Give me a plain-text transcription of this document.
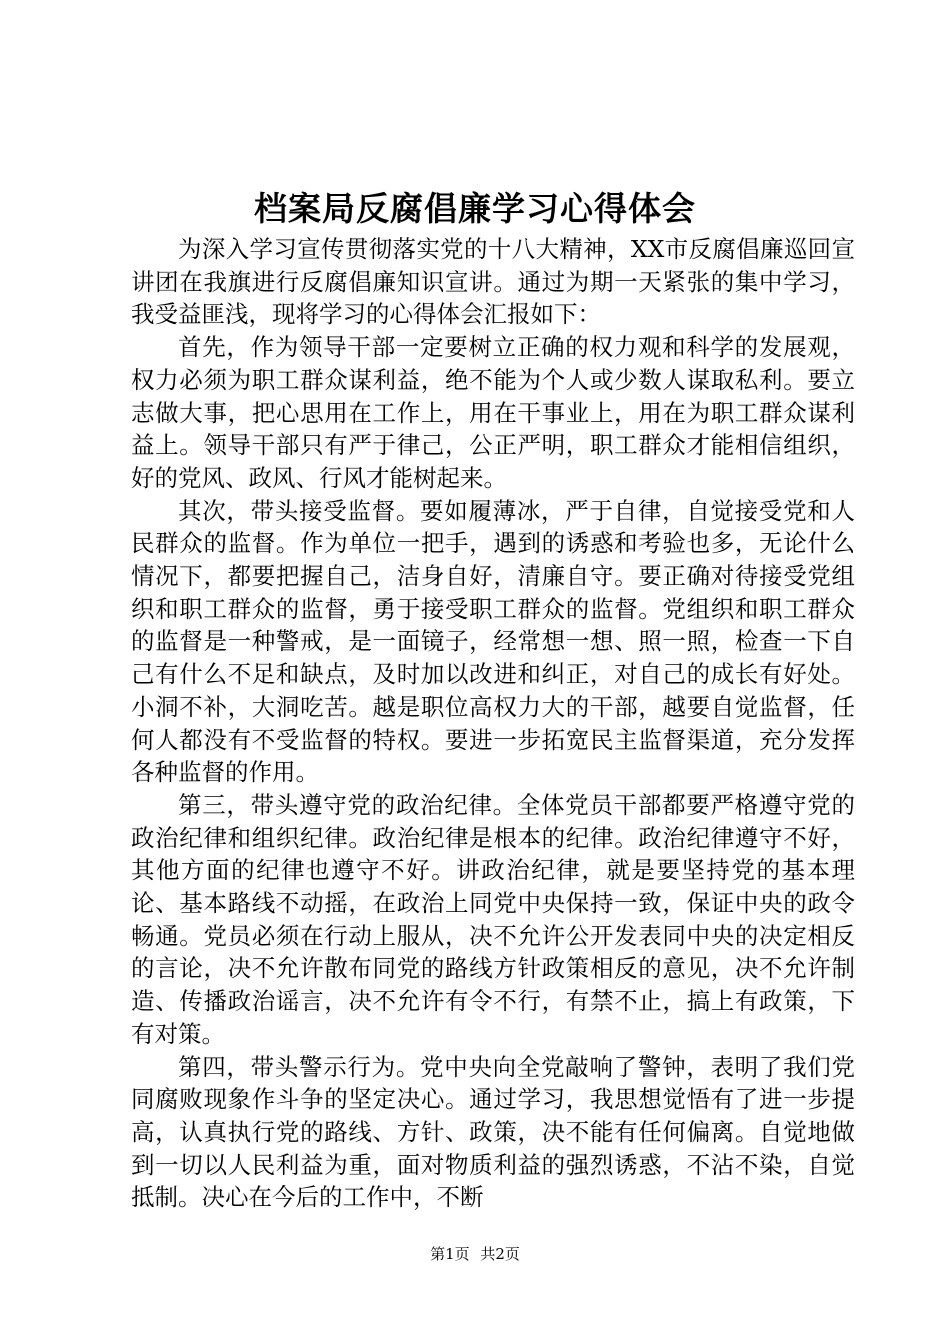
档案局反腐倡廉学习心得体会

为深入学习宣传贯彻落实党的十八大精神，XX市反腐倡廉巡回宣讲团在我旗进行反腐倡廉知识宣讲。通过为期一天紧张的集中学习，我受益匪浅，现将学习的心得体会汇报如下：

首先，作为领导干部一定要树立正确的权力观和科学的发展观，权力必须为职工群众谋利益，绝不能为个人或少数人谋取私利。要立志做大事，把心思用在工作上，用在干事业上，用在为职工群众谋利益上。领导干部只有严于律己，公正严明，职工群众才能相信组织，好的党风、政风、行风才能树起来。

其次，带头接受监督。要如履薄冰，严于自律，自觉接受党和人民群众的监督。作为单位一把手，遇到的诱惑和考验也多，无论什么情况下，都要把握自己，洁身自好，清廉自守。要正确对待接受党组织和职工群众的监督，勇于接受职工群众的监督。党组织和职工群众的监督是一种警戒，是一面镜子，经常想一想、照一照，检查一下自己有什么不足和缺点，及时加以改进和纠正，对自己的成长有好处。小洞不补，大洞吃苦。越是职位高权力大的干部，越要自觉监督，任何人都没有不受监督的特权。要进一步拓宽民主监督渠道，充分发挥各种监督的作用。

第三，带头遵守党的政治纪律。全体党员干部都要严格遵守党的政治纪律和组织纪律。政治纪律是根本的纪律。政治纪律遵守不好，其他方面的纪律也遵守不好。讲政治纪律，就是要坚持党的基本理论、基本路线不动摇，在政治上同党中央保持一致，保证中央的政令畅通。党员必须在行动上服从，决不允许公开发表同中央的决定相反的言论，决不允许散布同党的路线方针政策相反的意见，决不允许制造、传播政治谣言，决不允许有令不行，有禁不止，搞上有政策，下有对策。

第四，带头警示行为。党中央向全党敲响了警钟，表明了我们党同腐败现象作斗争的坚定决心。通过学习，我思想觉悟有了进一步提高，认真执行党的路线、方针、政策，决不能有任何偏离。自觉地做到一切以人民利益为重，面对物质利益的强烈诱惑，不沾不染，自觉抵制。决心在今后的工作中，不断

第1页 共2页
